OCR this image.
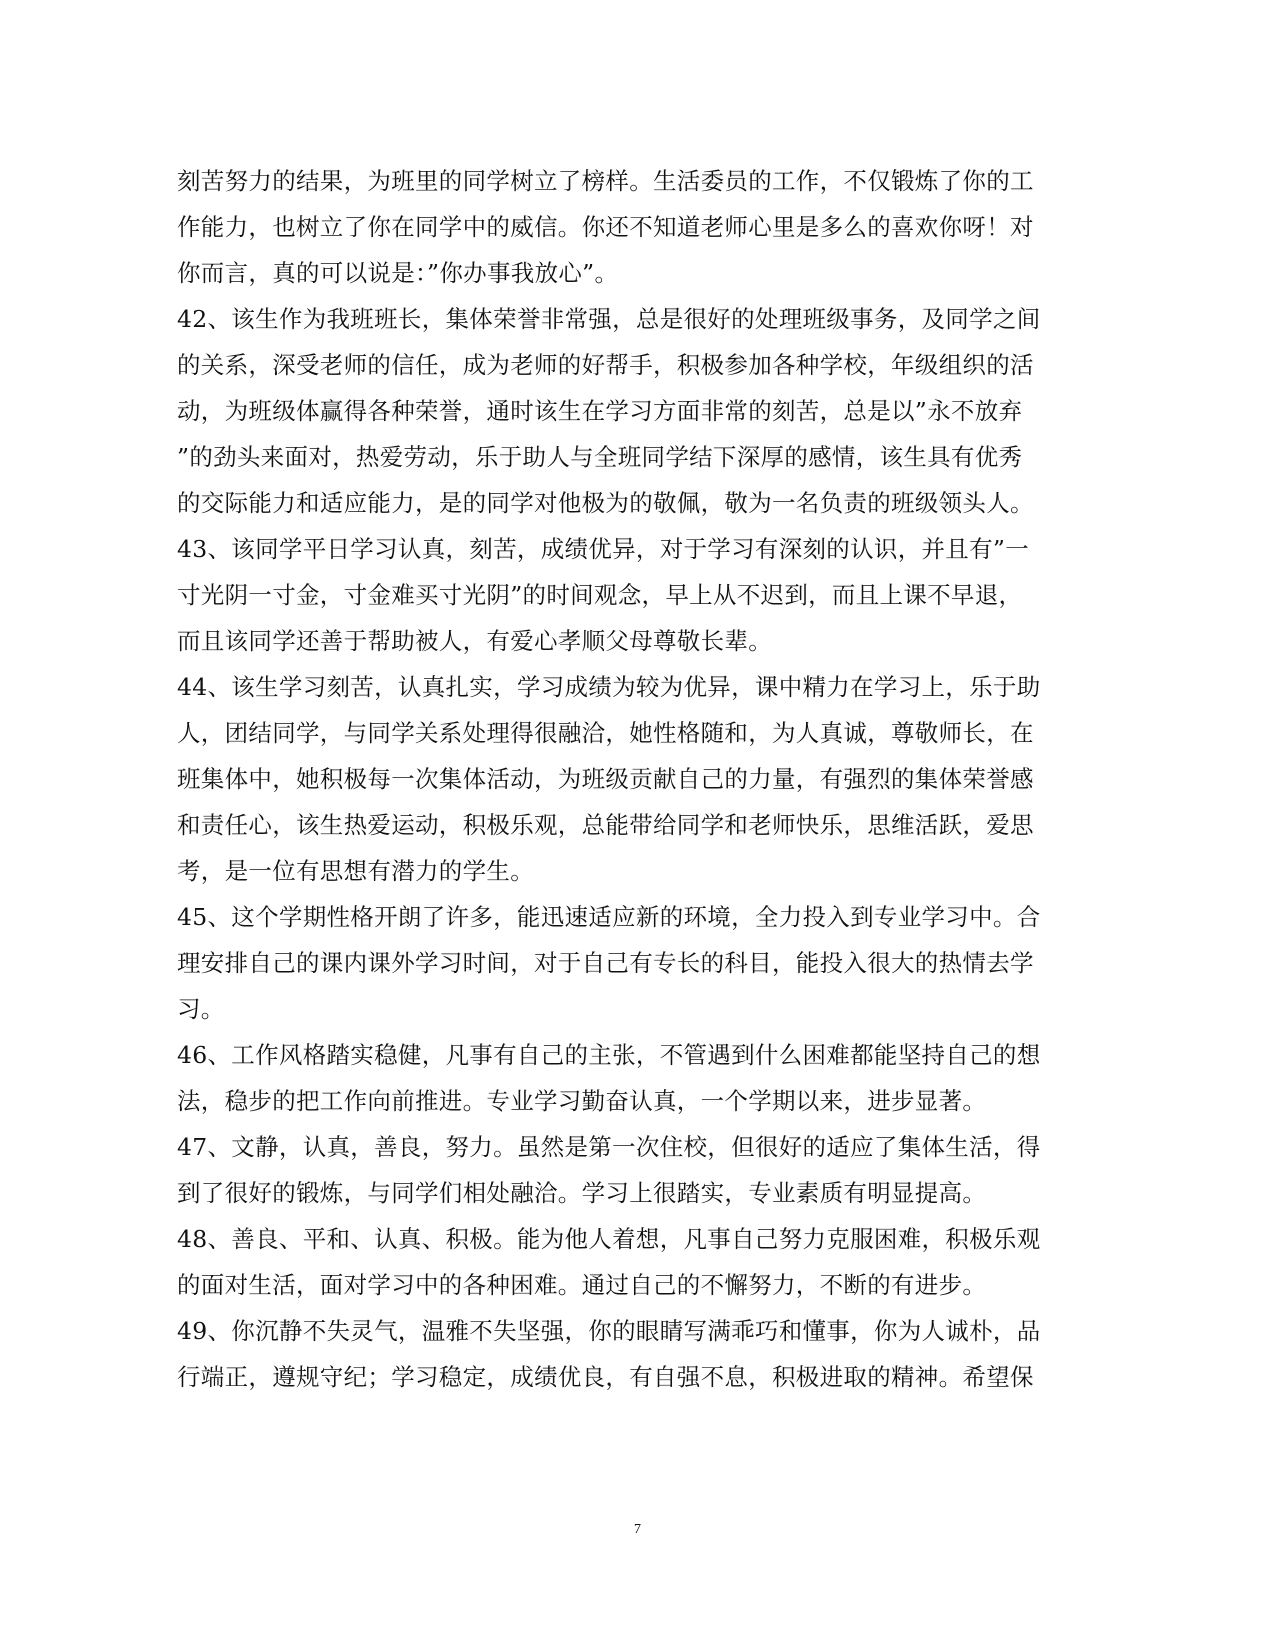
刻苦努力的结果，为班里的同学树立了榜样。生活委员的工作，不仅锻炼了你的工
作能力，也树立了你在同学中的威信。你还不知道老师心里是多么的喜欢你呀！对
你而言，真的可以说是：”你办事我放心”。
42、该生作为我班班长，集体荣誉非常强，总是很好的处理班级事务，及同学之间
的关系，深受老师的信任，成为老师的好帮手，积极参加各种学校，年级组织的活
动，为班级体赢得各种荣誉，通时该生在学习方面非常的刻苦，总是以”永不放弃
”的劲头来面对，热爱劳动，乐于助人与全班同学结下深厚的感情，该生具有优秀
的交际能力和适应能力，是的同学对他极为的敬佩，敬为一名负责的班级领头人。
43、该同学平日学习认真，刻苦，成绩优异，对于学习有深刻的认识，并且有”一
寸光阴一寸金，寸金难买寸光阴”的时间观念，早上从不迟到，而且上课不早退，
而且该同学还善于帮助被人，有爱心孝顺父母尊敬长辈。
44、该生学习刻苦，认真扎实，学习成绩为较为优异，课中精力在学习上，乐于助
人，团结同学，与同学关系处理得很融洽，她性格随和，为人真诚，尊敬师长，在
班集体中，她积极每一次集体活动，为班级贡献自己的力量，有强烈的集体荣誉感
和责任心，该生热爱运动，积极乐观，总能带给同学和老师快乐，思维活跃，爱思
考，是一位有思想有潜力的学生。
45、这个学期性格开朗了许多，能迅速适应新的环境，全力投入到专业学习中。合
理安排自己的课内课外学习时间，对于自己有专长的科目，能投入很大的热情去学
习。
46、工作风格踏实稳健，凡事有自己的主张，不管遇到什么困难都能坚持自己的想
法，稳步的把工作向前推进。专业学习勤奋认真，一个学期以来，进步显著。
47、文静，认真，善良，努力。虽然是第一次住校，但很好的适应了集体生活，得
到了很好的锻炼，与同学们相处融洽。学习上很踏实，专业素质有明显提高。
48、善良、平和、认真、积极。能为他人着想，凡事自己努力克服困难，积极乐观
的面对生活，面对学习中的各种困难。通过自己的不懈努力，不断的有进步。
49、你沉静不失灵气，温雅不失坚强，你的眼睛写满乖巧和懂事，你为人诚朴，品
行端正，遵规守纪；学习稳定，成绩优良，有自强不息，积极进取的精神。希望保
7
